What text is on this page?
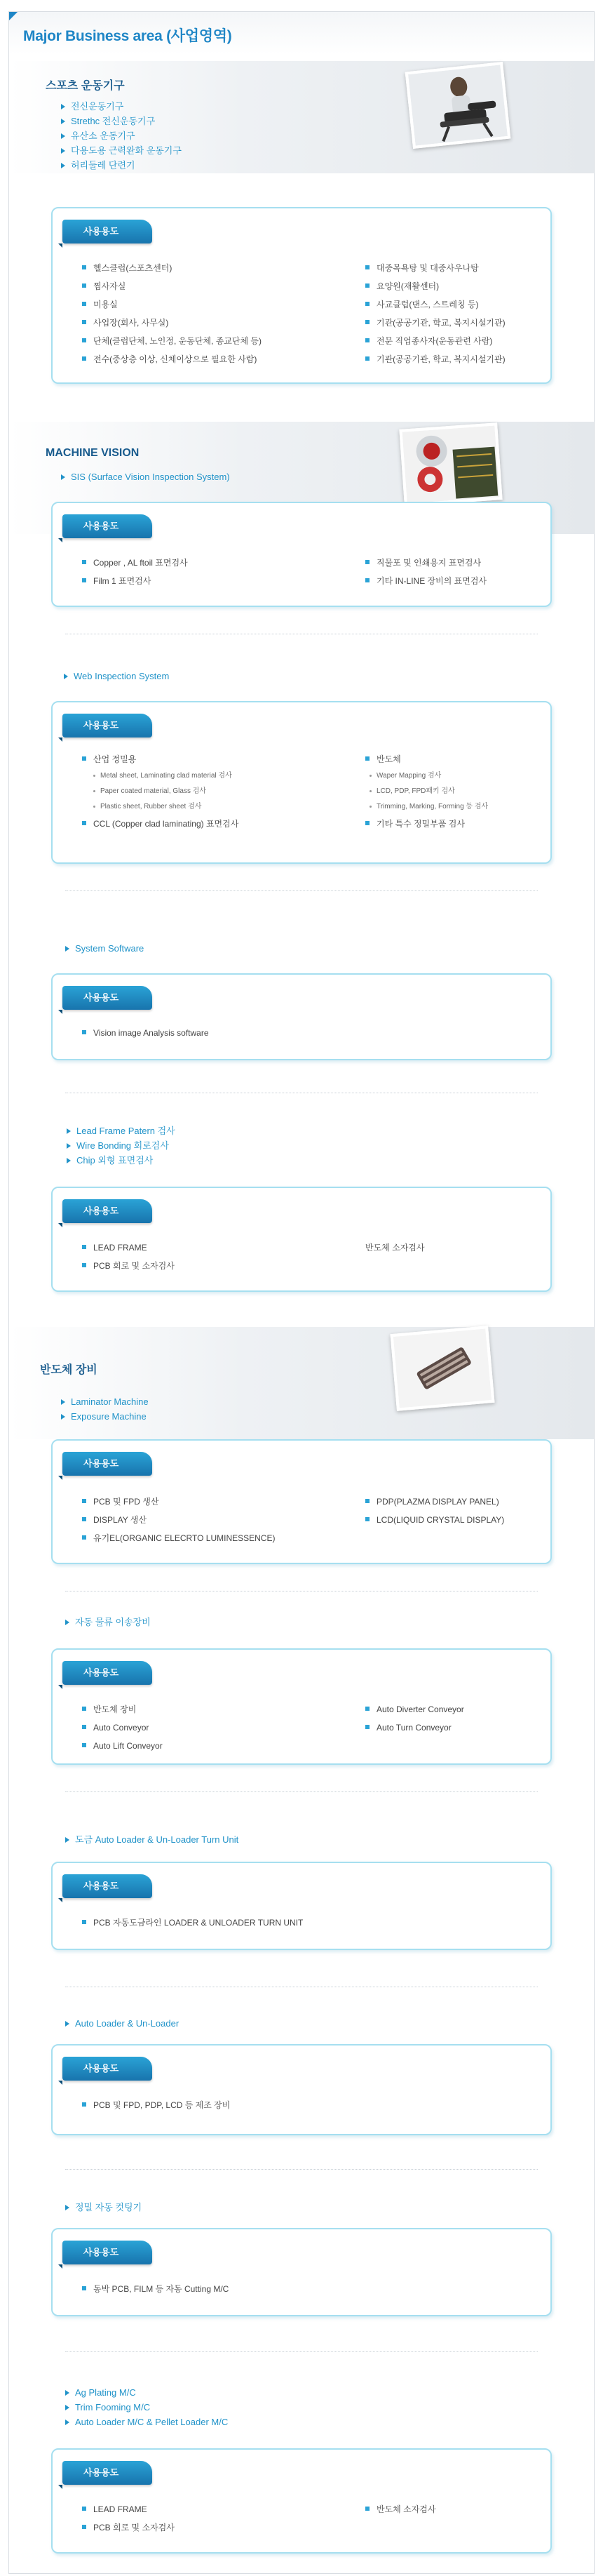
Major Business area (사업영역)
스포츠 운동기구
전신운동기구
Strethc 전신운동기구
유산소 운동기구
다용도용 근력완화 운동기구
허리둘레 단련기
사용용도
헬스클럽(스포츠센터)
찜사자실
미용실
사업장(회사, 사무실)
단체(클럽단체, 노인정, 운동단체, 종교단체 등)
전수(중상층 이상, 신체이상으로 필요한 사람)
대중목욕탕 및 대중사우나탕
요양원(재활센터)
사교클럽(댄스, 스트레칭 등)
기관(공공기관, 학교, 복지시설기관)
전문 직업종사자(운동관련 사람)
기관(공공기관, 학교, 복지시설기관)
MACHINE VISION
SIS (Surface Vision Inspection System)
사용용도
Copper , AL ftoil 표면검사
Film 1 표면검사
직물포 및 인쇄용지 표면검사
기타 IN-LINE 장비의 표면검사
Web Inspection System
사용용도
산업 정밀용
Metal sheet, Laminating clad material 검사
Paper coated material, Glass 검사
Plastic sheet, Rubber sheet 검사
CCL (Copper clad laminating) 표면검사
반도체
Waper Mapping 검사
LCD, PDP, FPD패키 검사
Trimming, Marking, Forming 등 검사
기타 특수 정밀부품 검사
System Software
사용용도
Vision image Analysis software
Lead Frame Patern 검사
Wire Bonding 회로검사
Chip 외형 표면검사
사용용도
LEAD FRAME
PCB 회로 및 소자검사
반도체 소자검사
반도체 장비
Laminator Machine
Exposure Machine
사용용도
PCB 및 FPD 생산
DISPLAY 생산
유기EL(ORGANIC ELECRTO LUMINESSENCE)
PDP(PLAZMA DISPLAY PANEL)
LCD(LIQUID CRYSTAL DISPLAY)
자동 물류 이송장비
사용용도
반도체 장비
Auto Conveyor
Auto Lift Conveyor
Auto Diverter Conveyor
Auto Turn Conveyor
도금 Auto Loader & Un-Loader Turn Unit
사용용도
PCB 자동도금라인 LOADER & UNLOADER TURN UNIT
Auto Loader & Un-Loader
사용용도
PCB 및 FPD, PDP, LCD 등 제조 장비
정밀 자동 컷팅기
사용용도
동박 PCB, FILM 등 자동 Cutting M/C
Ag Plating M/C
Trim Fooming M/C
Auto Loader M/C & Pellet Loader M/C
사용용도
LEAD FRAME
PCB 회로 및 소자검사
반도체 소자검사
